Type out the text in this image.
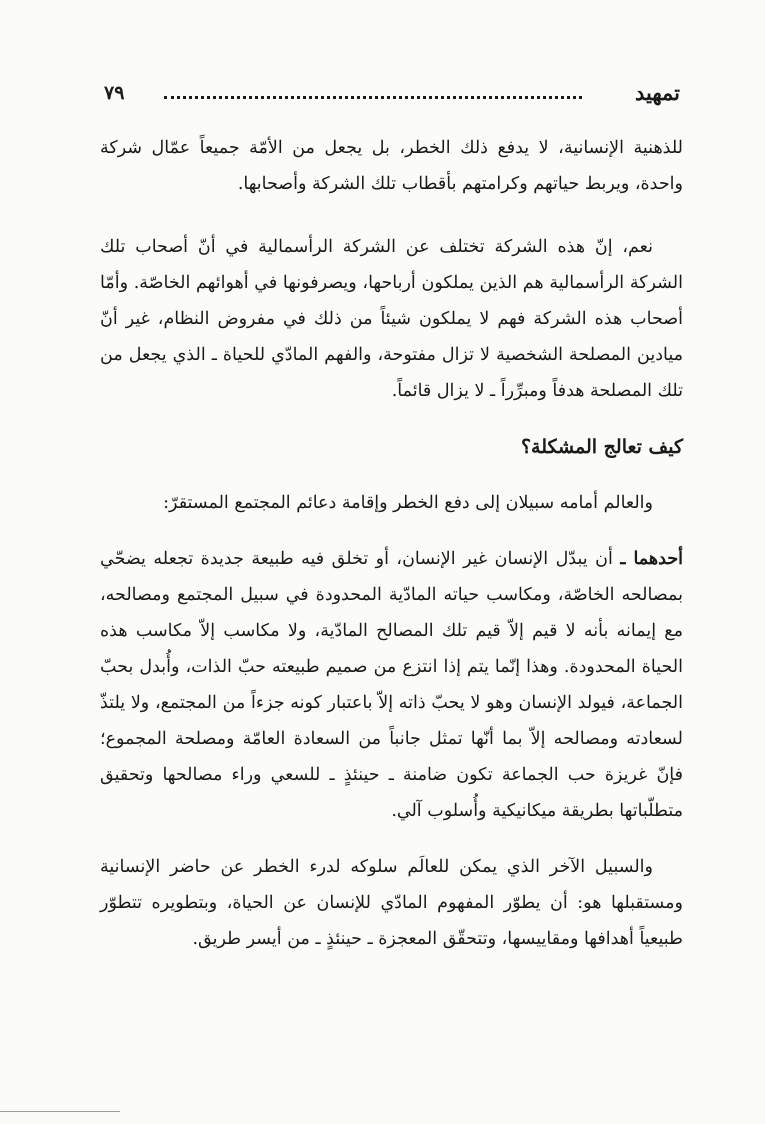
تمهيد
٧٩

للذهنية الإنسانية، لا يدفع ذلك الخطر، بل يجعل من الأمّة جميعاً عمّال شركة واحدة، ويربط حياتهم وكرامتهم بأقطاب تلك الشركة وأصحابها.

نعم، إنّ هذه الشركة تختلف عن الشركة الرأسمالية في أنّ أصحاب تلك الشركة الرأسمالية هم الذين يملكون أرباحها، ويصرفونها في أهوائهم الخاصّة. وأمّا أصحاب هذه الشركة فهم لا يملكون شيئاً من ذلك في مفروض النظام، غير أنّ ميادين المصلحة الشخصية لا تزال مفتوحة، والفهم المادّي للحياة ـ الذي يجعل من تلك المصلحة هدفاً ومبرِّراً ـ لا يزال قائماً.

كيف تعالج المشكلة؟

والعالم أمامه سبيلان إلى دفع الخطر وإقامة دعائم المجتمع المستقرّ:

أحدهما ـ أن يبدّل الإنسان غير الإنسان، أو تخلق فيه طبيعة جديدة تجعله يضحّي بمصالحه الخاصّة، ومكاسب حياته المادّية المحدودة في سبيل المجتمع ومصالحه، مع إيمانه بأنه لا قيم إلاّ قيم تلك المصالح المادّية، ولا مكاسب إلاّ مكاسب هذه الحياة المحدودة. وهذا إنّما يتم إذا انتزع من صميم طبيعته حبّ الذات، وأُبدل بحبّ الجماعة، فيولد الإنسان وهو لا يحبّ ذاته إلاّ باعتبار كونه جزءاً من المجتمع، ولا يلتذّ لسعادته ومصالحه إلاّ بما أنّها تمثل جانباً من السعادة العامّة ومصلحة المجموع؛ فإنّ غريزة حب الجماعة تكون ضامنة ـ حينئذٍ ـ للسعي وراء مصالحها وتحقيق متطلّباتها بطريقة ميكانيكية وأُسلوب آلي.

والسبيل الآخر الذي يمكن للعالَم سلوكه لدرء الخطر عن حاضر الإنسانية ومستقبلها هو: أن يطوّر المفهوم المادّي للإنسان عن الحياة، وبتطويره تتطوّر طبيعياً أهدافها ومقاييسها، وتتحقّق المعجزة ـ حينئذٍ ـ من أيسر طريق.
